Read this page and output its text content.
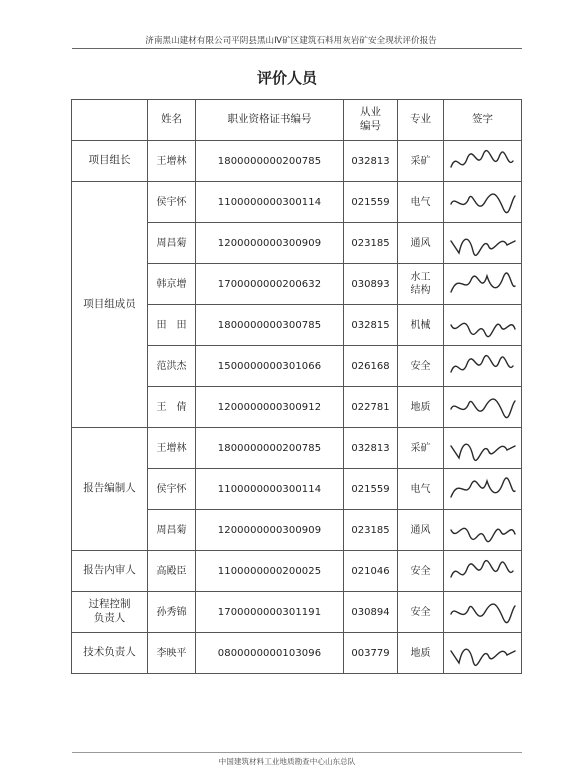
济南黑山建材有限公司平阴县黑山Ⅳ矿区建筑石料用灰岩矿安全现状评价报告
评价人员
	姓名	职业资格证书编号	从业
编号	专业	签字
项目组长	王增林	1800000000200785	032813	采矿	

项目组成员	侯宇怀	1100000000300114	021559	电气	

	周昌菊	1200000000300909	023185	通风	

	韩京增	1700000000200632	030893	水工
结构	

	田　田	1800000000300785	032815	机械	

	范洪杰	1500000000301066	026168	安全	

	王　倩	1200000000300912	022781	地质	

报告编制人	王增林	1800000000200785	032813	采矿	

	侯宇怀	1100000000300114	021559	电气	

	周昌菊	1200000000300909	023185	通风	

报告内审人	高殿臣	1100000000200025	021046	安全	

过程控制
负责人	孙秀锦	1700000000301191	030894	安全	

技术负责人	李映平	0800000000103096	003779	地质	
中国建筑材料工业地质勘查中心山东总队
